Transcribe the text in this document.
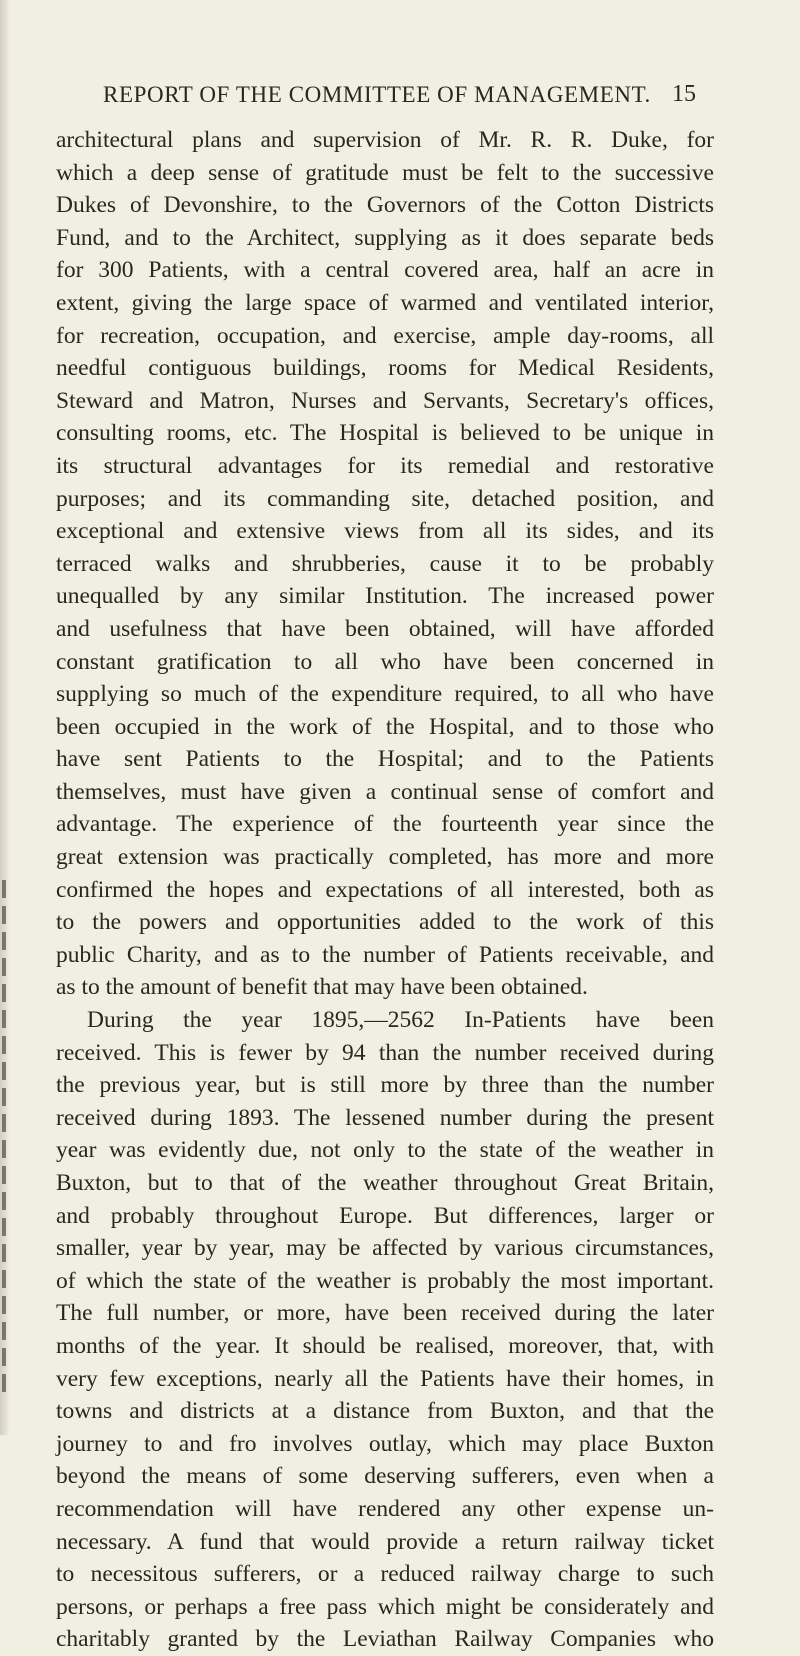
REPORT OF THE COMMITTEE OF MANAGEMENT. 15
architectural plans and supervision of Mr. R. R. Duke, for
which a deep sense of gratitude must be felt to the successive
Dukes of Devonshire, to the Governors of the Cotton Districts
Fund, and to the Architect, supplying as it does separate beds
for 300 Patients, with a central covered area, half an acre in
extent, giving the large space of warmed and ventilated interior,
for recreation, occupation, and exercise, ample day-rooms, all
needful contiguous buildings, rooms for Medical Residents,
Steward and Matron, Nurses and Servants, Secretary's offices,
consulting rooms, etc. The Hospital is believed to be unique in
its structural advantages for its remedial and restorative
purposes; and its commanding site, detached position, and
exceptional and extensive views from all its sides, and its
terraced walks and shrubberies, cause it to be probably
unequalled by any similar Institution. The increased power
and usefulness that have been obtained, will have afforded
constant gratification to all who have been concerned in
supplying so much of the expenditure required, to all who have
been occupied in the work of the Hospital, and to those who
have sent Patients to the Hospital; and to the Patients
themselves, must have given a continual sense of comfort and
advantage. The experience of the fourteenth year since the
great extension was practically completed, has more and more
confirmed the hopes and expectations of all interested, both as
to the powers and opportunities added to the work of this
public Charity, and as to the number of Patients receivable, and
as to the amount of benefit that may have been obtained.
During the year 1895,—2562 In-Patients have been
received. This is fewer by 94 than the number received during
the previous year, but is still more by three than the number
received during 1893. The lessened number during the present
year was evidently due, not only to the state of the weather in
Buxton, but to that of the weather throughout Great Britain,
and probably throughout Europe. But differences, larger or
smaller, year by year, may be affected by various circumstances,
of which the state of the weather is probably the most important.
The full number, or more, have been received during the later
months of the year. It should be realised, moreover, that, with
very few exceptions, nearly all the Patients have their homes, in
towns and districts at a distance from Buxton, and that the
journey to and fro involves outlay, which may place Buxton
beyond the means of some deserving sufferers, even when a
recommendation will have rendered any other expense un-
necessary. A fund that would provide a return railway ticket
to necessitous sufferers, or a reduced railway charge to such
persons, or perhaps a free pass which might be considerately and
charitably granted by the Leviathan Railway Companies who
